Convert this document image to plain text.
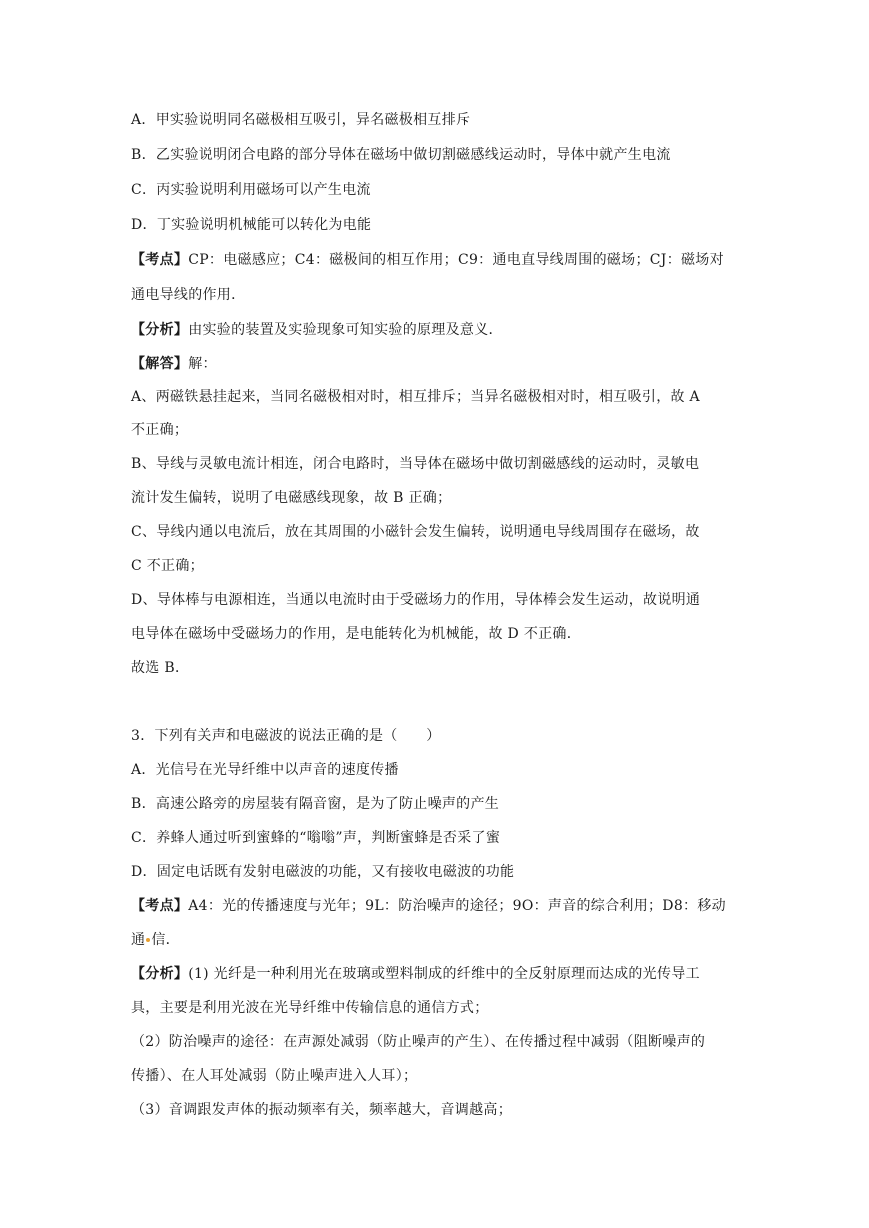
A．甲实验说明同名磁极相互吸引，异名磁极相互排斥
B．乙实验说明闭合电路的部分导体在磁场中做切割磁感线运动时，导体中就产生电流
C．丙实验说明利用磁场可以产生电流
D．丁实验说明机械能可以转化为电能
【考点】CP：电磁感应；C4：磁极间的相互作用；C9：通电直导线周围的磁场；CJ：磁场对
通电导线的作用．
【分析】由实验的装置及实验现象可知实验的原理及意义．
【解答】解：
A、两磁铁悬挂起来，当同名磁极相对时，相互排斥；当异名磁极相对时，相互吸引，故 A
不正确；
B、导线与灵敏电流计相连，闭合电路时，当导体在磁场中做切割磁感线的运动时，灵敏电
流计发生偏转，说明了电磁感线现象，故 B 正确；
C、导线内通以电流后，放在其周围的小磁针会发生偏转，说明通电导线周围存在磁场，故
C 不正确；
D、导体棒与电源相连，当通以电流时由于受磁场力的作用，导体棒会发生运动，故说明通
电导体在磁场中受磁场力的作用，是电能转化为机械能，故 D 不正确．
故选 B．
3．下列有关声和电磁波的说法正确的是（　　）
A．光信号在光导纤维中以声音的速度传播
B．高速公路旁的房屋装有隔音窗，是为了防止噪声的产生
C．养蜂人通过听到蜜蜂的“嗡嗡”声，判断蜜蜂是否采了蜜
D．固定电话既有发射电磁波的功能，又有接收电磁波的功能
【考点】A4：光的传播速度与光年；9L：防治噪声的途径；9O：声音的综合利用；D8：移动
通 信．
【分析】(1) 光纤是一种利用光在玻璃或塑料制成的纤维中的全反射原理而达成的光传导工
具，主要是利用光波在光导纤维中传输信息的通信方式；
（2）防治噪声的途径：在声源处减弱（防止噪声的产生）、在传播过程中减弱（阻断噪声的
传播）、在人耳处减弱（防止噪声进入人耳）；
（3）音调跟发声体的振动频率有关，频率越大，音调越高；
